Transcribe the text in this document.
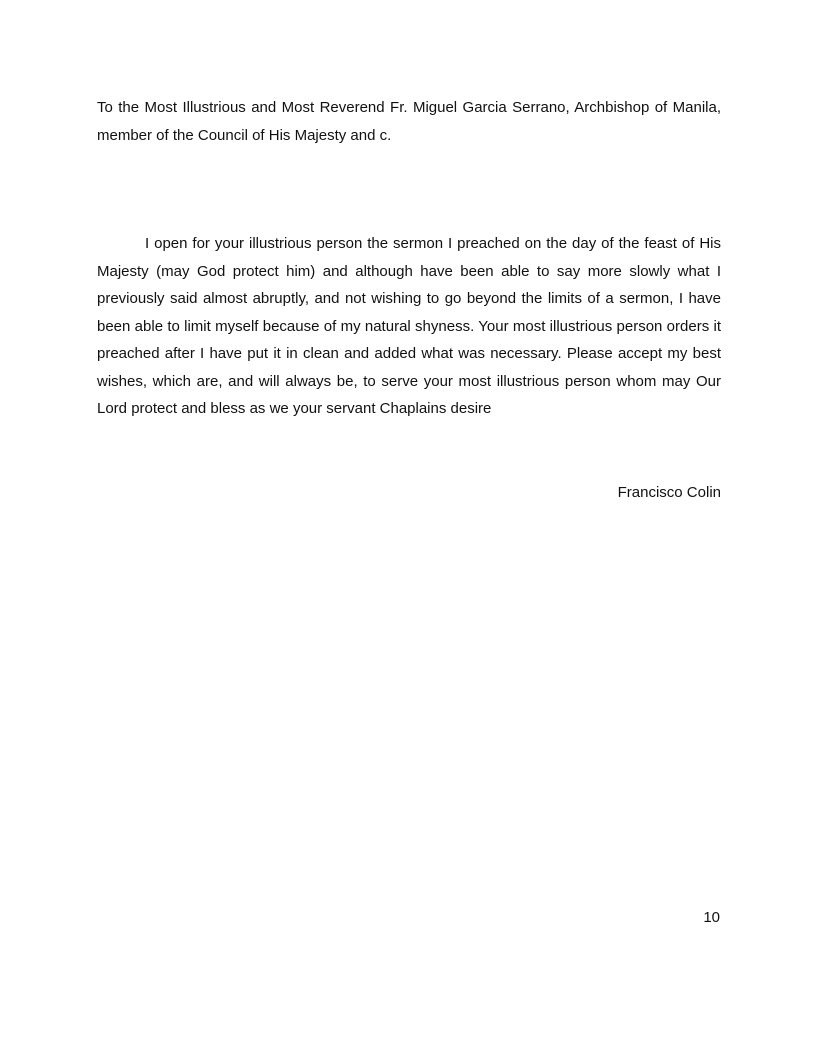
To the Most Illustrious and Most Reverend Fr. Miguel Garcia Serrano, Archbishop of Manila, member of the Council of His Majesty and c.

I open for your illustrious person the sermon I preached on the day of the feast of His Majesty (may God protect him) and although have been able to say more slowly what I previously said almost abruptly, and not wishing to go beyond the limits of a sermon, I have been able to limit myself because of my natural shyness. Your most illustrious person orders it preached after I have put it in clean and added what was necessary. Please accept my best wishes, which are, and will always be, to serve your most illustrious person whom may Our Lord protect and bless as we your servant Chaplains desire

Francisco Colin

10
